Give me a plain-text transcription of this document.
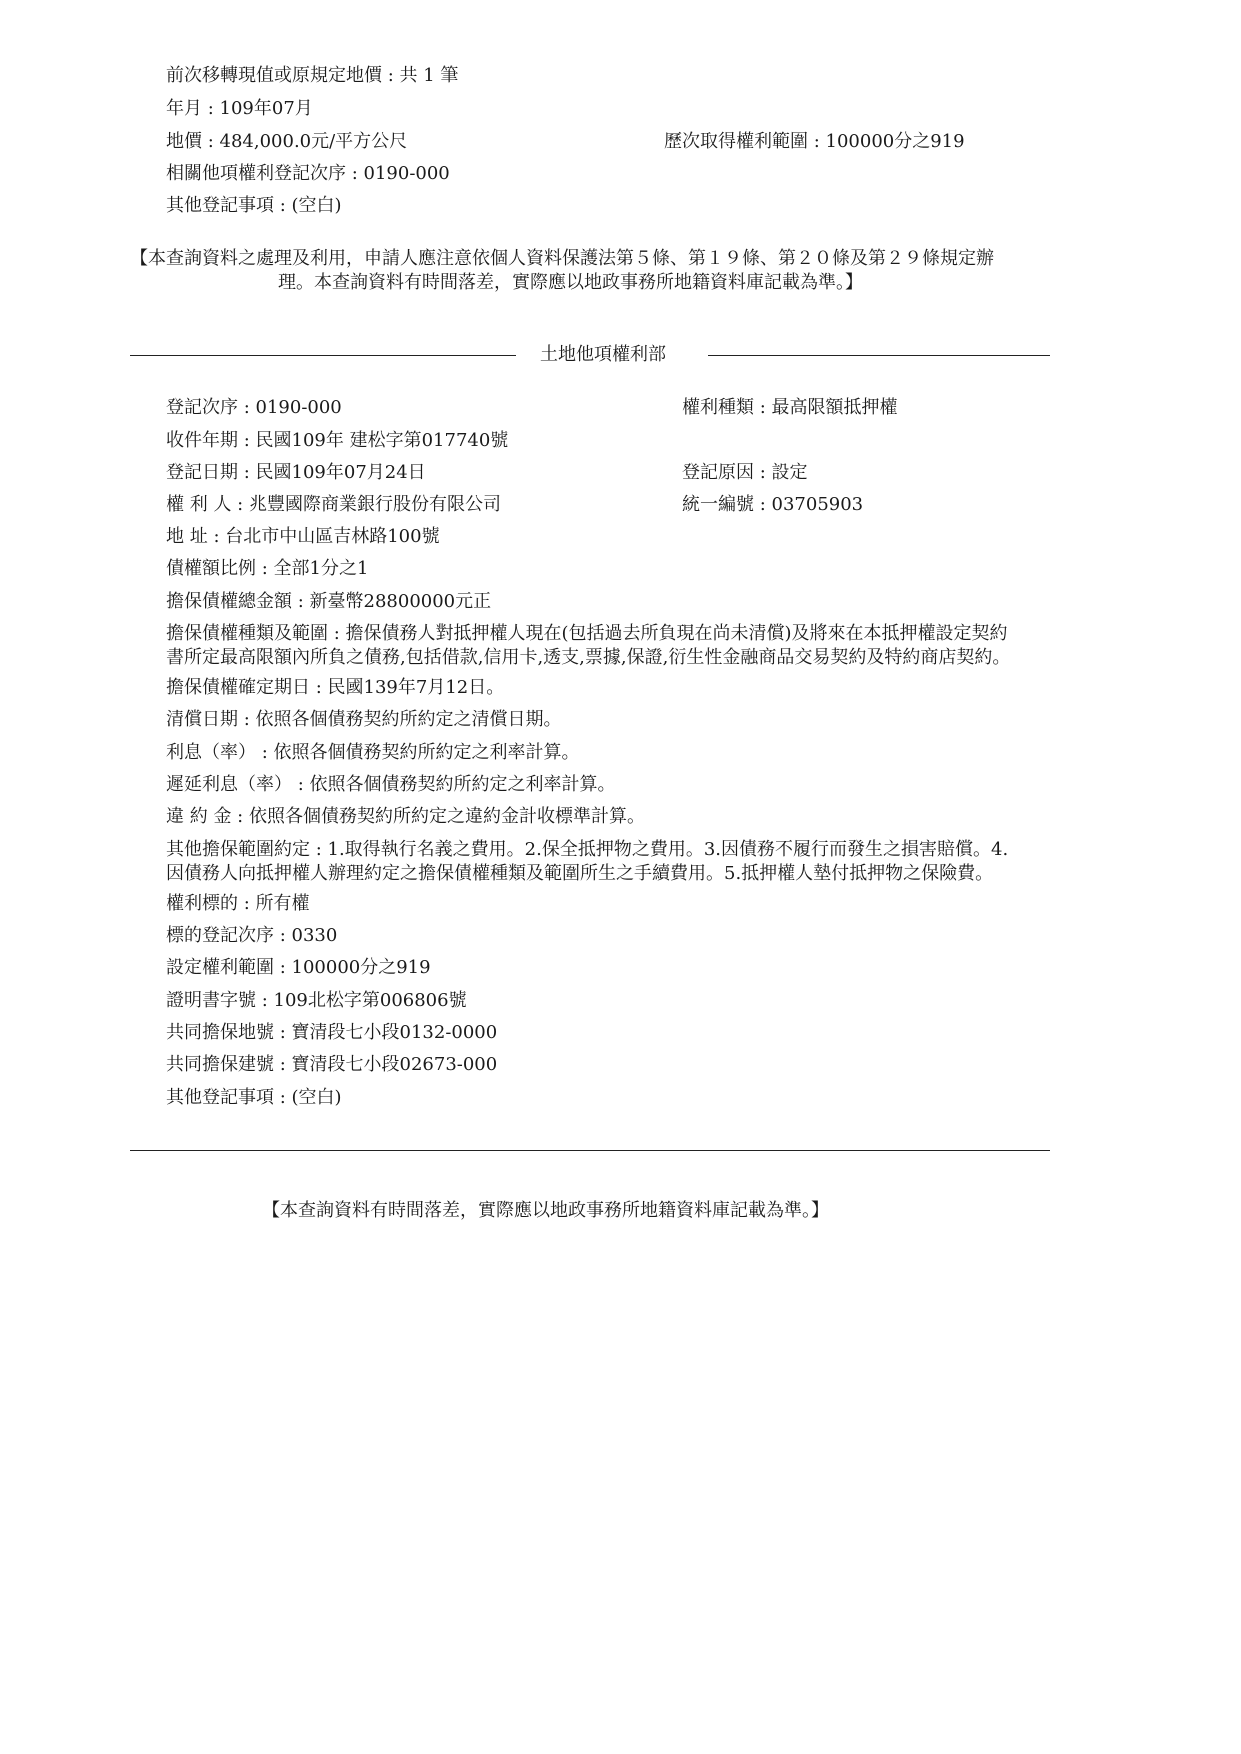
前次移轉現值或原規定地價 : 共 1 筆
年月 : 109年07月
地價 : 484,000.0元/平方公尺	歷次取得權利範圍 : 100000分之919
相關他項權利登記次序 : 0190-000
其他登記事項 : (空白)
【本查詢資料之處理及利用，申請人應注意依個人資料保護法第５條、第１９條、第２０條及第２９條規定辦
理。本查詢資料有時間落差，實際應以地政事務所地籍資料庫記載為準。】
土地他項權利部
登記次序 : 0190-000	權利種類 : 最高限額抵押權
收件年期 : 民國109年 建松字第017740號
登記日期 : 民國109年07月24日	登記原因 : 設定
權 利 人 : 兆豐國際商業銀行股份有限公司	統一編號 : 03705903
地 址 : 台北市中山區吉林路100號
債權額比例 : 全部1分之1
擔保債權總金額 : 新臺幣28800000元正
擔保債權種類及範圍 : 擔保債務人對抵押權人現在(包括過去所負現在尚未清償)及將來在本抵押權設定契約
書所定最高限額內所負之債務,包括借款,信用卡,透支,票據,保證,衍生性金融商品交易契約及特約商店契約。
擔保債權確定期日 : 民國139年7月12日。
清償日期 : 依照各個債務契約所約定之清償日期。
利息（率） : 依照各個債務契約所約定之利率計算。
遲延利息（率） : 依照各個債務契約所約定之利率計算。
違 約 金 : 依照各個債務契約所約定之違約金計收標準計算。
其他擔保範圍約定 : 1.取得執行名義之費用。2.保全抵押物之費用。3.因債務不履行而發生之損害賠償。4.
因債務人向抵押權人辦理約定之擔保債權種類及範圍所生之手續費用。5.抵押權人墊付抵押物之保險費。
權利標的 : 所有權
標的登記次序 : 0330
設定權利範圍 : 100000分之919
證明書字號 : 109北松字第006806號
共同擔保地號 : 寶清段七小段0132-0000
共同擔保建號 : 寶清段七小段02673-000
其他登記事項 : (空白)
【本查詢資料有時間落差，實際應以地政事務所地籍資料庫記載為準。】
